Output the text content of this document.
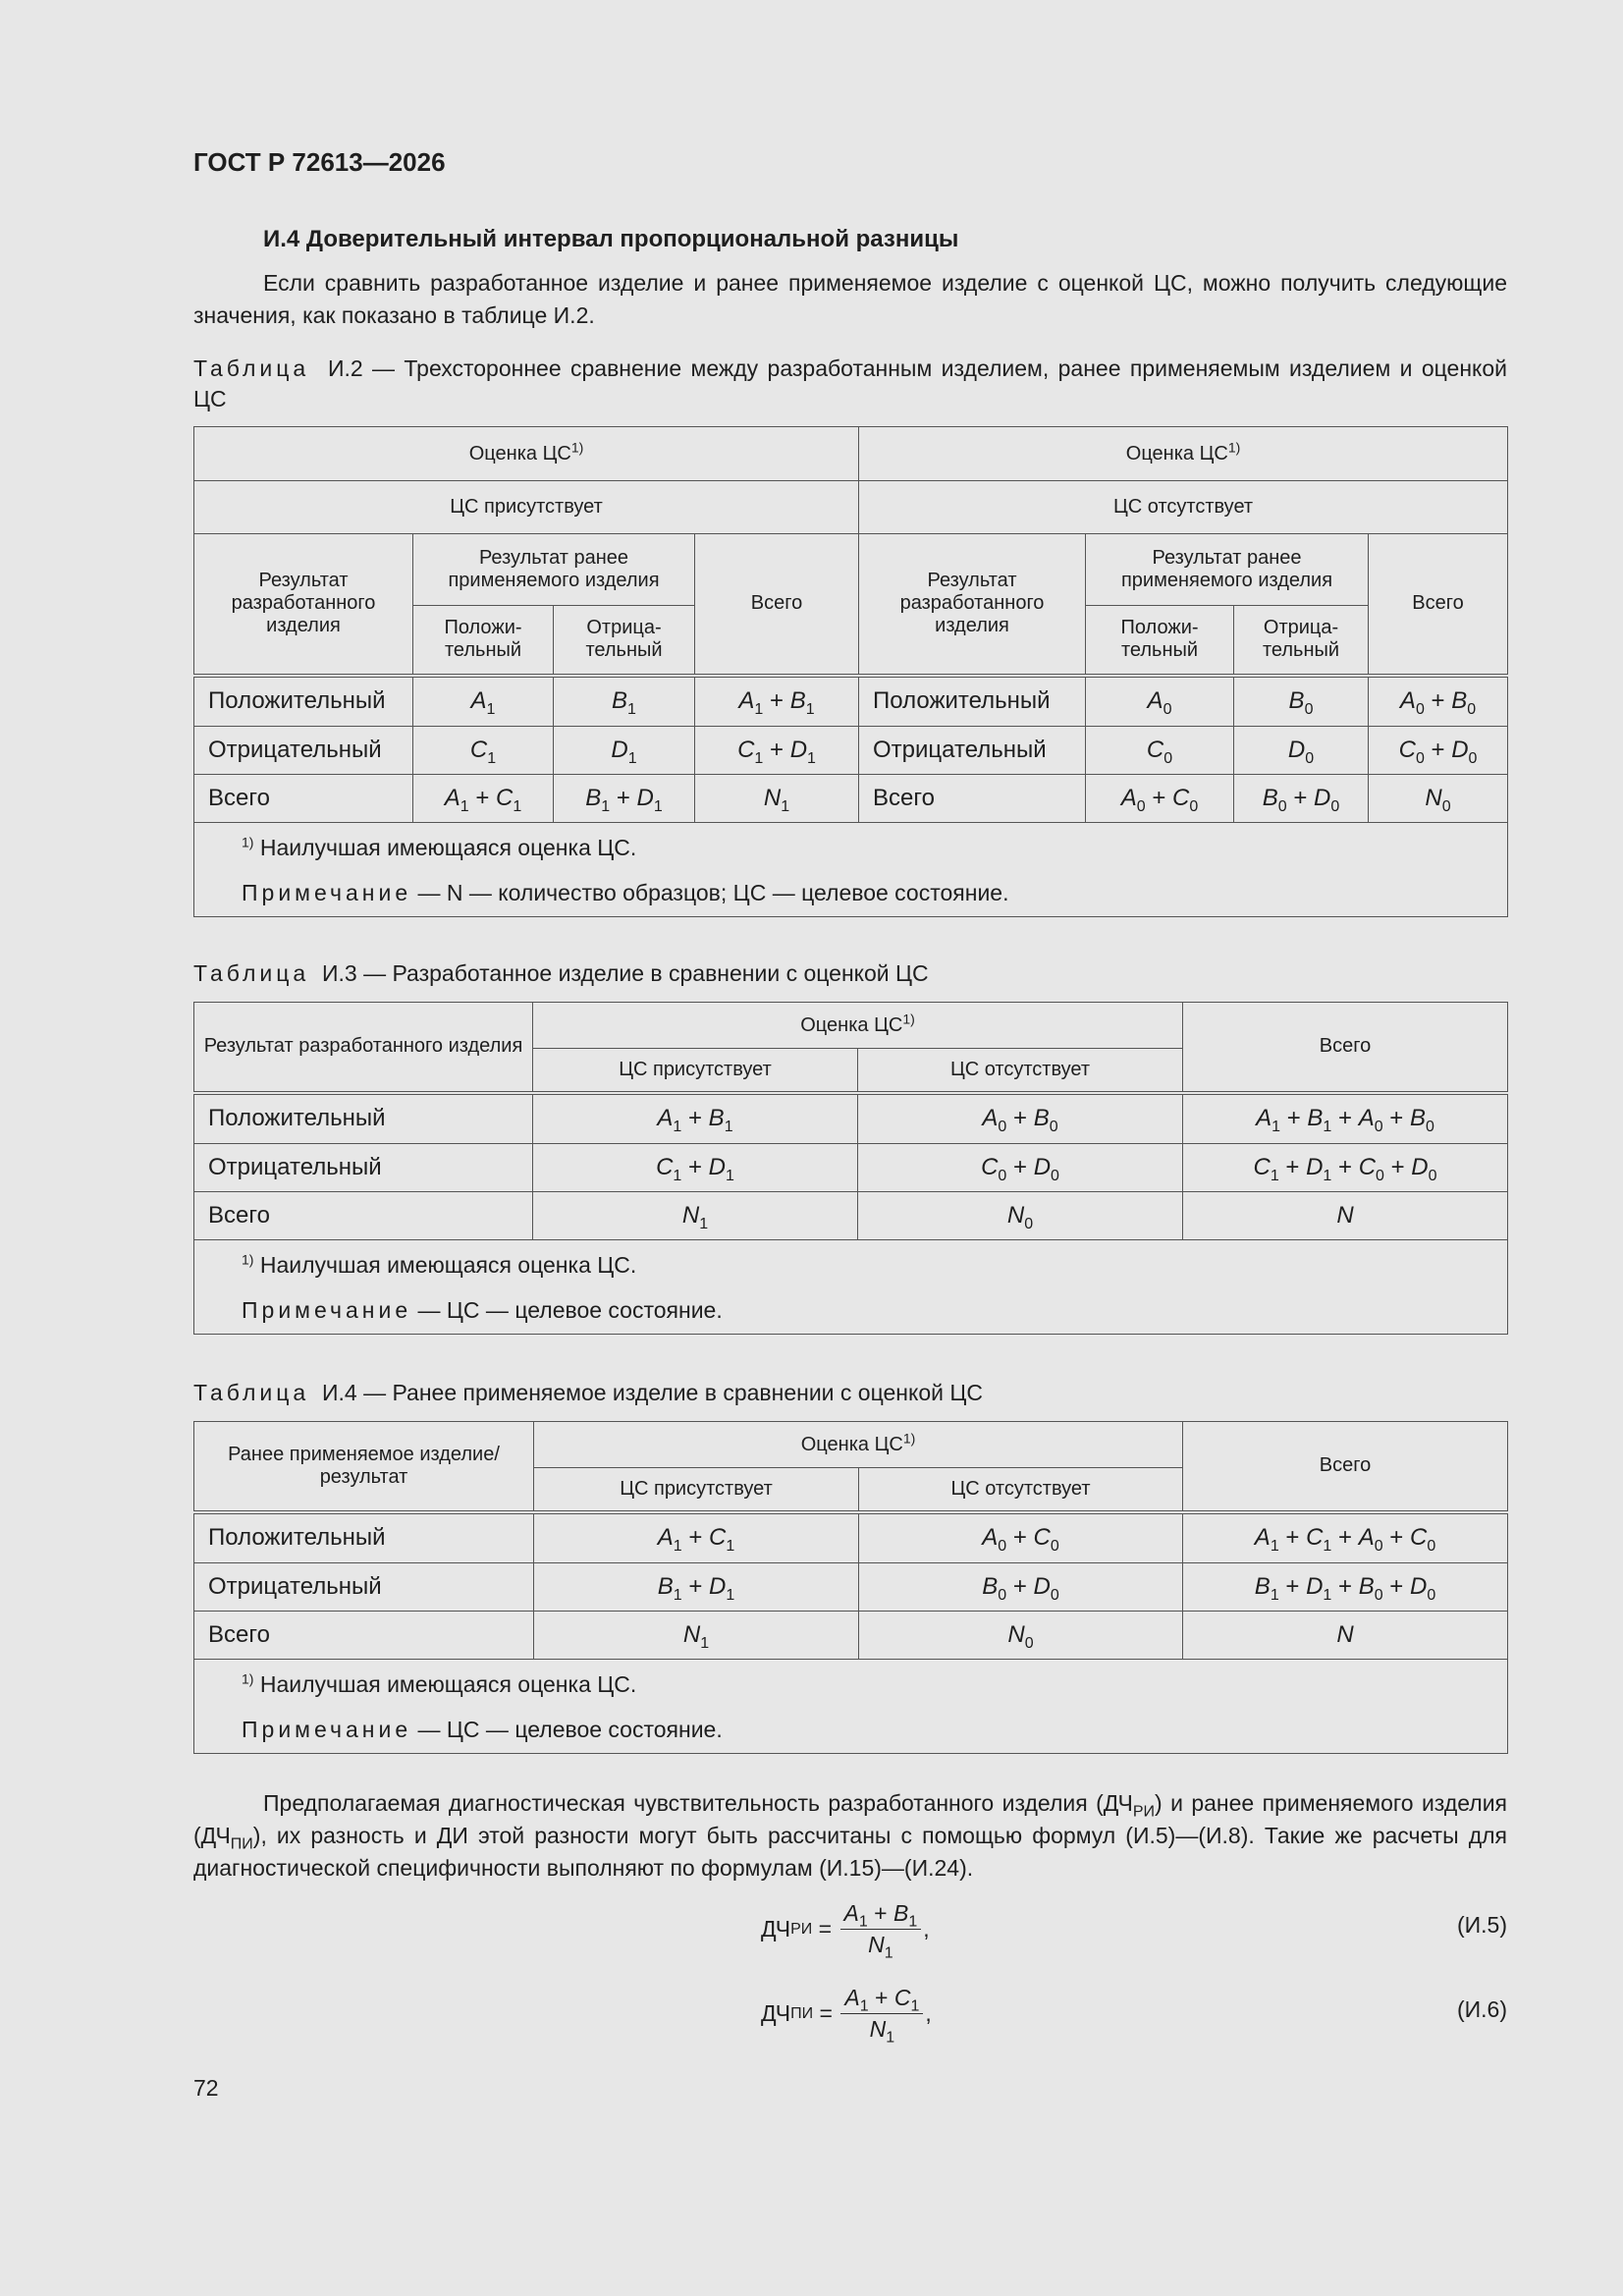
ГОСТ Р 72613—2026
И.4 Доверительный интервал пропорциональной разницы
Если сравнить разработанное изделие и ранее применяемое изделие с оценкой ЦС, можно получить следующие значения, как показано в таблице И.2.
Таблица И.2 — Трехстороннее сравнение между разработанным изделием, ранее применяемым изделием и оценкой ЦС
Оценка ЦС$^{1)}$				Оценка ЦС$^{1)}$
ЦС присутствует				ЦС отсутствует			
Результат разработанного изделия	Результат ранее применяемого изделия		Всего	Результат разработанного изделия	Результат ранее применяемого изделия		Всего
	Положи-тельный	Отрица-тельный			Положи-тельный	Отрица-тельный	
Положительный	$A_1$	$B_1$	$A_1 + B_1$	Положительный	$A_0$	$B_0$	$A_0 + B_0$
Отрицательный	$C_1$	$D_1$	$C_1 + D_1$	Отрицательный	$C_0$	$D_0$	$C_0 + D_0$
Всего	$A_1 + C_1$	$B_1 + D_1$	$N_1$	Всего	$A_0 + C_0$	$B_0 + D_0$	$N_0$

$^{1)}$ Наилучшая имеющаяся оценка ЦС.
Примечание — N — количество образцов; ЦС — целевое состояние.							
Таблица И.3 — Разработанное изделие в сравнении с оценкой ЦС
Результат разработанного изделия	Оценка ЦС$^{1)}$		Всего
	ЦС присутствует	ЦС отсутствует	
Положительный	$A_1 + B_1$	$A_0 + B_0$	$A_1 + B_1 + A_0 + B_0$
Отрицательный	$C_1 + D_1$	$C_0 + D_0$	$C_1 + D_1 + C_0 + D_0$
Всего	$N_1$	$N_0$	N

$^{1)}$ Наилучшая имеющаяся оценка ЦС.
Примечание — ЦС — целевое состояние.			
Таблица И.4 — Ранее применяемое изделие в сравнении с оценкой ЦС
Ранее применяемое изделие/ результат	Оценка ЦС$^{1)}$		Всего
	ЦС присутствует	ЦС отсутствует	
Положительный	$A_1 + C_1$	$A_0 + C_0$	$A_1 + C_1 + A_0 + C_0$
Отрицательный	$B_1 + D_1$	$B_0 + D_0$	$B_1 + D_1 + B_0 + D_0$
Всего	$N_1$	$N_0$	N

$^{1)}$ Наилучшая имеющаяся оценка ЦС.
Примечание — ЦС — целевое состояние.			
Предполагаемая диагностическая чувствительность разработанного изделия $(ДЧ_{РИ})$ и ранее применяемого изделия $(ДЧ_{ПИ})$, их разность и ДИ этой разности могут быть рассчитаны с помощью формул (И.5)—(И.8). Такие же расчеты для диагностической специфичности выполняют по формулам (И.15)—(И.24).
ДЧ РИ = $\frac{A_1 + B_1}{N_1}$ ,	(И.5)
ДЧ ПИ = $\frac{A_1 + C_1}{N_1}$ ,	(И.6)
72
